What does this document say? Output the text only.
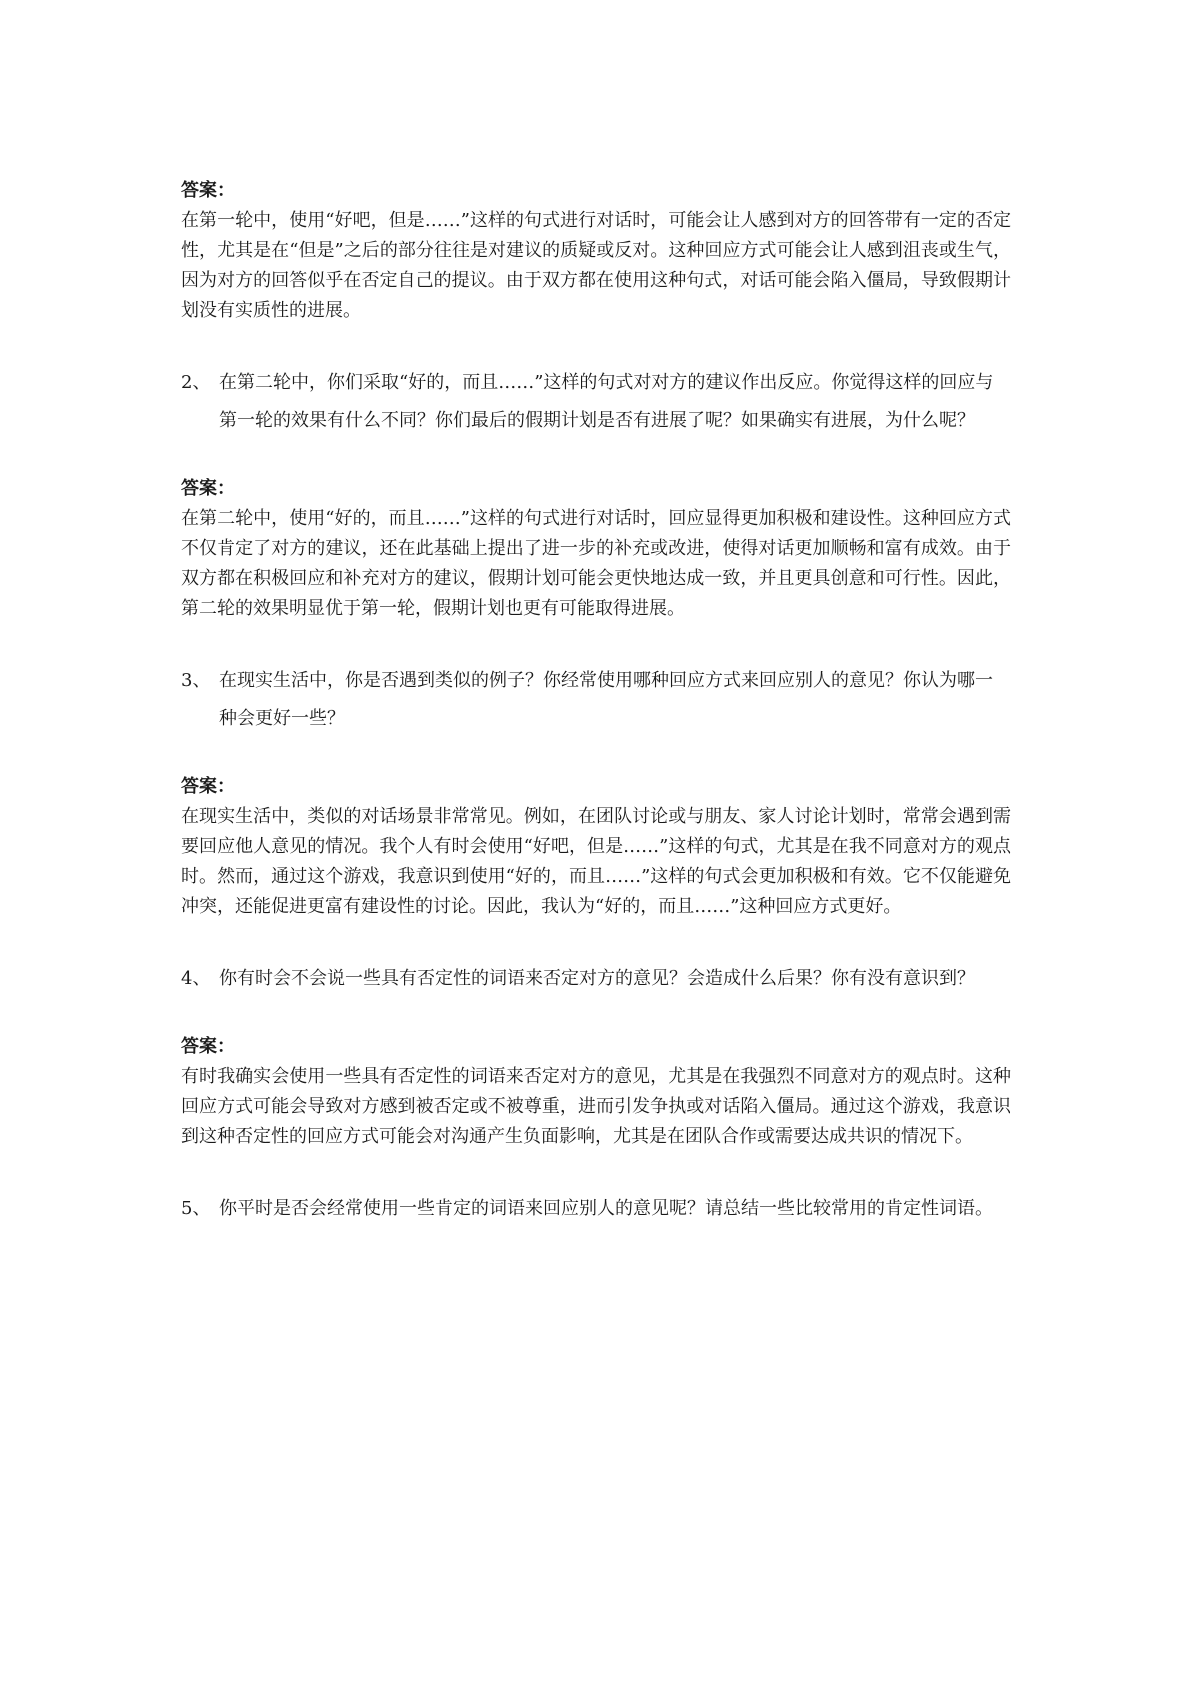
答案：

在第一轮中，使用“好吧，但是……”这样的句式进行对话时，可能会让人感到对方的回答带有一定的否定性，尤其是在“但是”之后的部分往往是对建议的质疑或反对。这种回应方式可能会让人感到沮丧或生气，因为对方的回答似乎在否定自己的提议。由于双方都在使用这种句式，对话可能会陷入僵局，导致假期计划没有实质性的进展。

2、 在第二轮中，你们采取“好的，而且……”这样的句式对对方的建议作出反应。你觉得这样的回应与第一轮的效果有什么不同？你们最后的假期计划是否有进展了呢？如果确实有进展，为什么呢？

答案：

在第二轮中，使用“好的，而且……”这样的句式进行对话时，回应显得更加积极和建设性。这种回应方式不仅肯定了对方的建议，还在此基础上提出了进一步的补充或改进，使得对话更加顺畅和富有成效。由于双方都在积极回应和补充对方的建议，假期计划可能会更快地达成一致，并且更具创意和可行性。因此，第二轮的效果明显优于第一轮，假期计划也更有可能取得进展。

3、 在现实生活中，你是否遇到类似的例子？你经常使用哪种回应方式来回应别人的意见？你认为哪一种会更好一些？

答案：

在现实生活中，类似的对话场景非常常见。例如，在团队讨论或与朋友、家人讨论计划时，常常会遇到需要回应他人意见的情况。我个人有时会使用“好吧，但是……”这样的句式，尤其是在我不同意对方的观点时。然而，通过这个游戏，我意识到使用“好的，而且……”这样的句式会更加积极和有效。它不仅能避免冲突，还能促进更富有建设性的讨论。因此，我认为“好的，而且……”这种回应方式更好。

4、 你有时会不会说一些具有否定性的词语来否定对方的意见？会造成什么后果？你有没有意识到？

答案：

有时我确实会使用一些具有否定性的词语来否定对方的意见，尤其是在我强烈不同意对方的观点时。这种回应方式可能会导致对方感到被否定或不被尊重，进而引发争执或对话陷入僵局。通过这个游戏，我意识到这种否定性的回应方式可能会对沟通产生负面影响，尤其是在团队合作或需要达成共识的情况下。

5、 你平时是否会经常使用一些肯定的词语来回应别人的意见呢？请总结一些比较常用的肯定性词语。
